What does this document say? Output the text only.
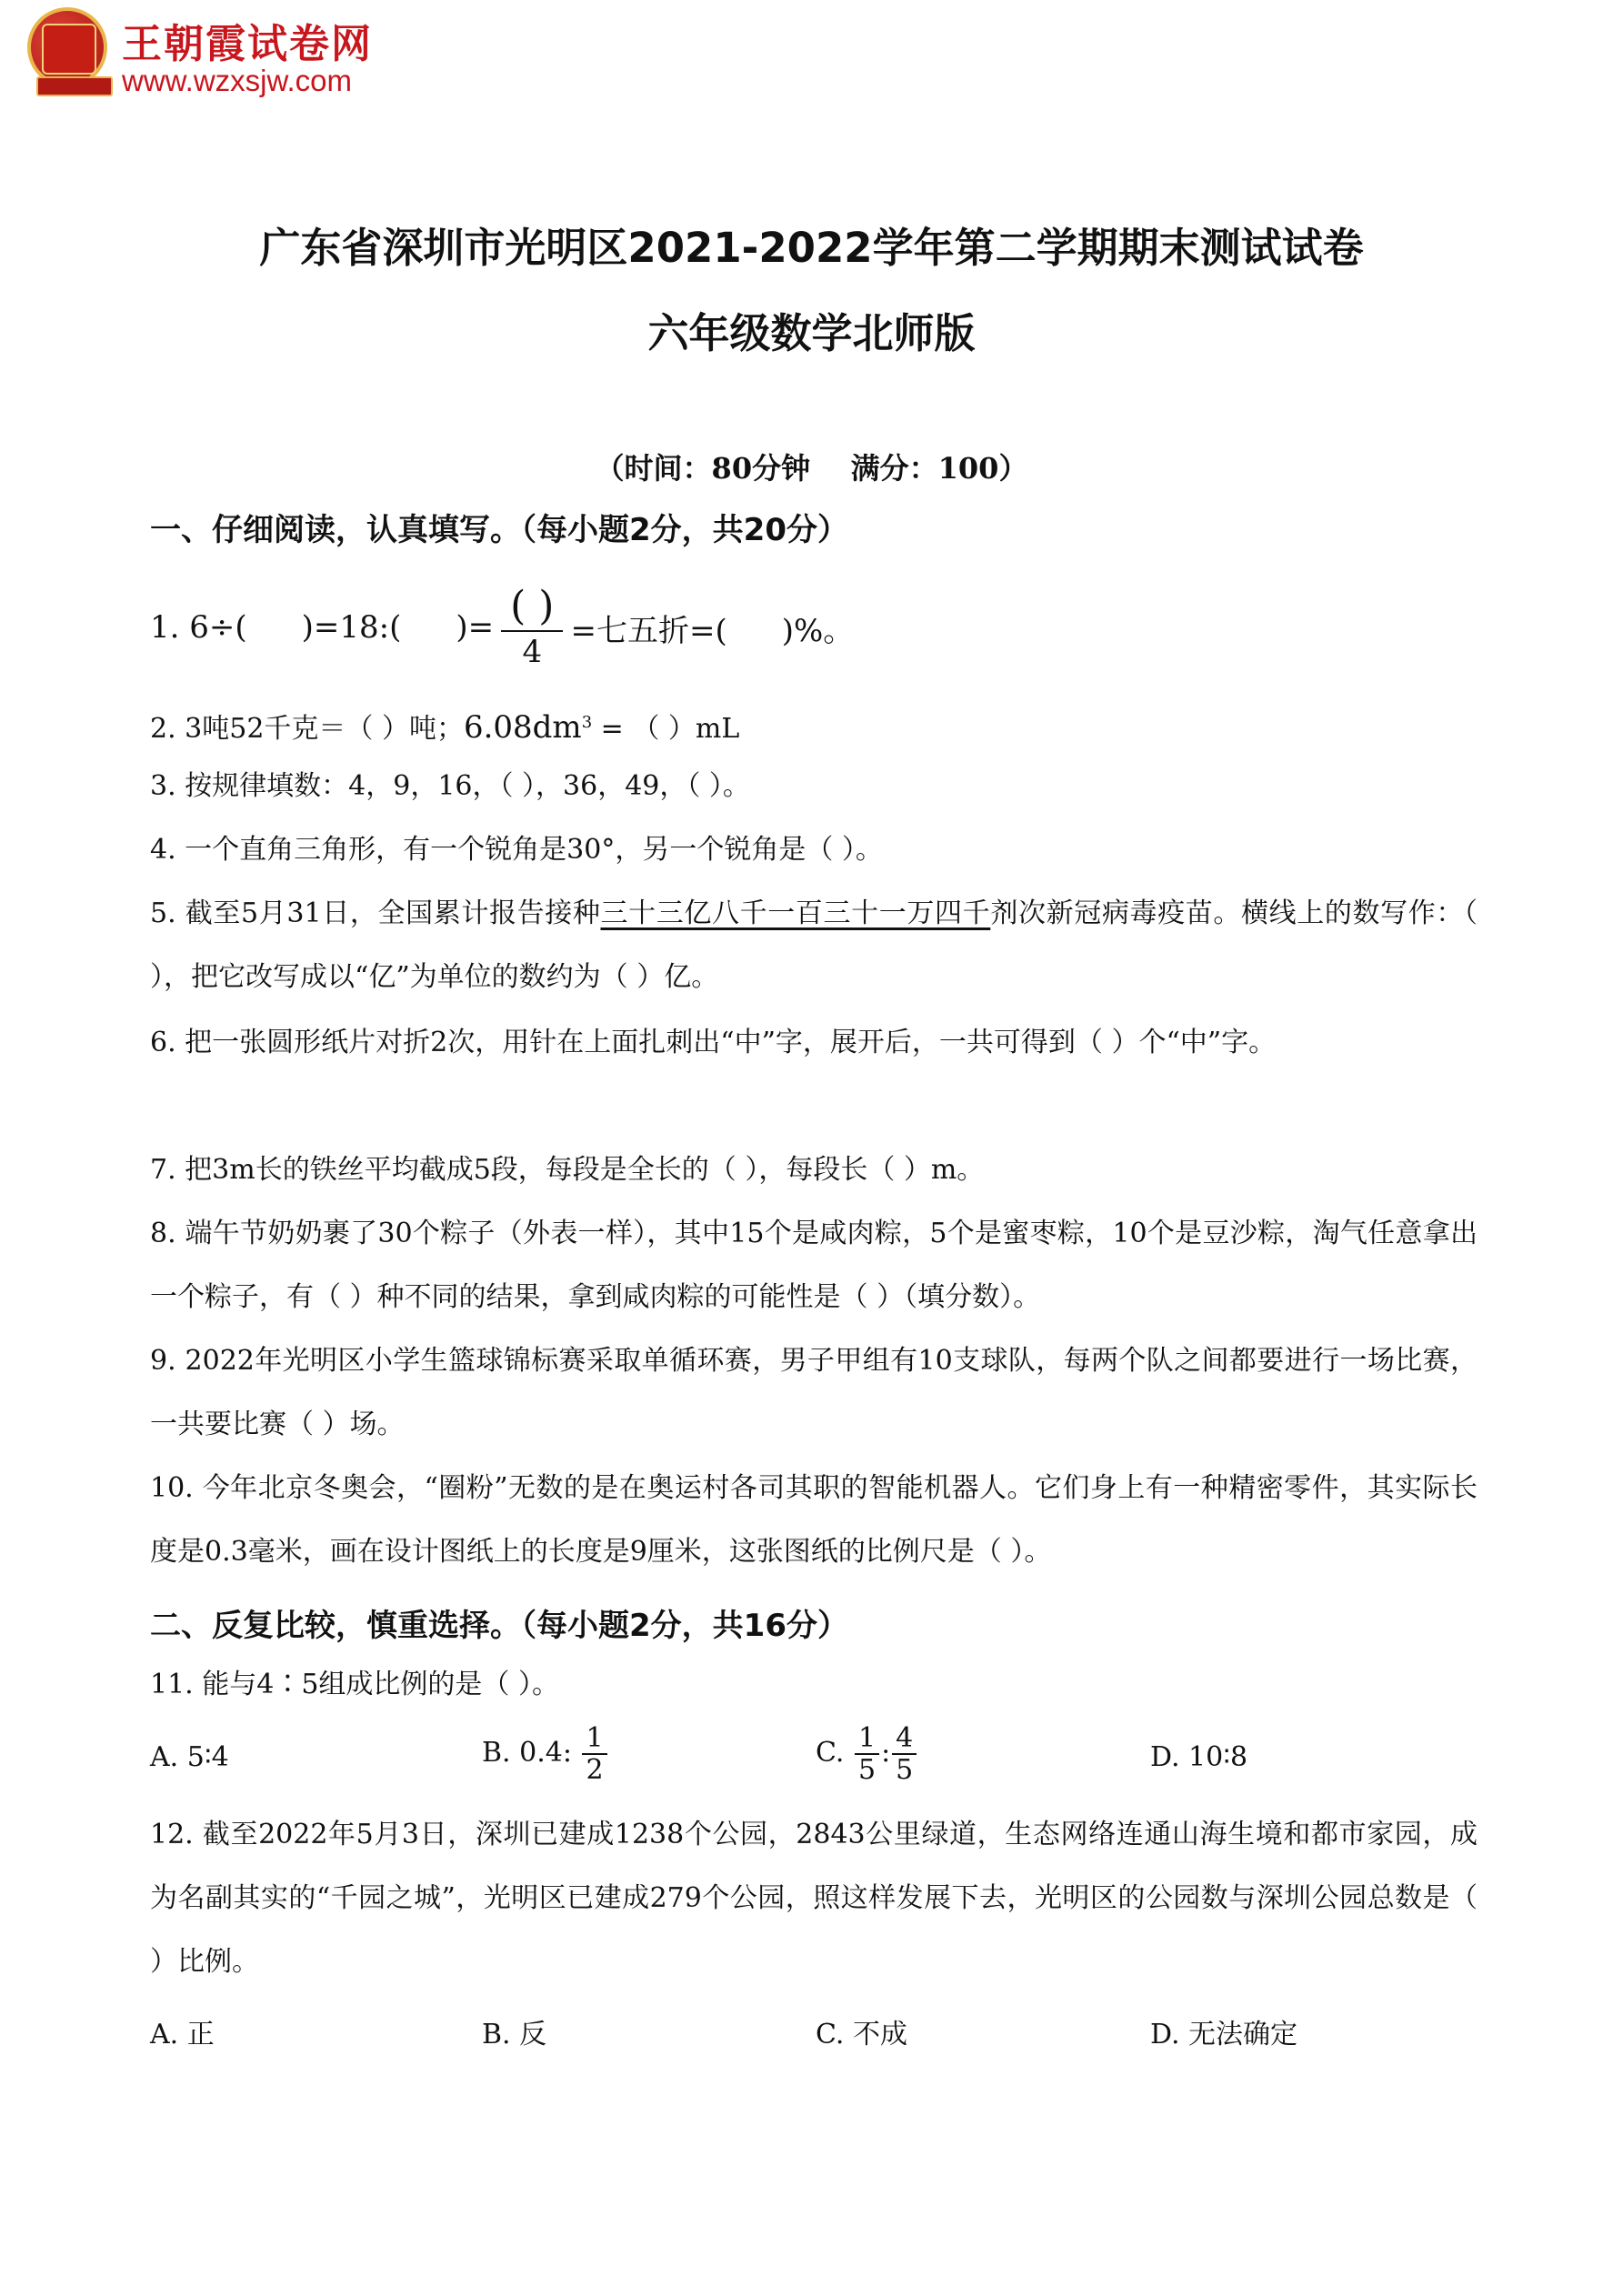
王朝霞试卷网
www.wzxsjw.com
广东省深圳市光明区2021-2022学年第二学期期末测试试卷
六年级数学北师版
（时间：80分钟    满分：100）
一、仔细阅读，认真填写。（每小题2分，共20分）
1. 6÷( )=18:( )= $\frac{( )}{4}$ =七五折=( )%。
2. 3吨52千克＝（ ）吨；$6.08dm^3$ = （ ）mL
3. 按规律填数：4，9，16，（ ），36，49，（ ）。
4. 一个直角三角形，有一个锐角是30°，另一个锐角是（ ）。
5. 截至5月31日，全国累计报告接种三十三亿八千一百三十一万四千剂次新冠病毒疫苗。横线上的数写作：（ ），把它改写成以“亿”为单位的数约为（ ）亿。
6. 把一张圆形纸片对折2次，用针在上面扎刺出“中”字，展开后，一共可得到（ ）个“中”字。
7. 把3m长的铁丝平均截成5段，每段是全长的（ ），每段长（ ）m。
8. 端午节奶奶裹了30个粽子（外表一样），其中15个是咸肉粽，5个是蜜枣粽，10个是豆沙粽，淘气任意拿出一个粽子，有（ ）种不同的结果，拿到咸肉粽的可能性是（ ）（填分数）。
9. 2022年光明区小学生篮球锦标赛采取单循环赛，男子甲组有10支球队，每两个队之间都要进行一场比赛，一共要比赛（ ）场。
10. 今年北京冬奥会，“圈粉”无数的是在奥运村各司其职的智能机器人。它们身上有一种精密零件，其实际长度是0.3毫米，画在设计图纸上的长度是9厘米，这张图纸的比例尺是（ ）。
二、反复比较，慎重选择。（每小题2分，共16分）
11. 能与4∶5组成比例的是（ ）。
A. 5∶4	B. 0.4: $\frac{1}{2}$	C. $\frac{1}{5}$ : $\frac{4}{5}$	D. 10∶8
12. 截至2022年5月3日，深圳已建成1238个公园，2843公里绿道，生态网络连通山海生境和都市家园，成为名副其实的“千园之城”，光明区已建成279个公园，照这样发展下去，光明区的公园数与深圳公园总数是（ ）比例。
A. 正	B. 反	C. 不成	D. 无法确定
